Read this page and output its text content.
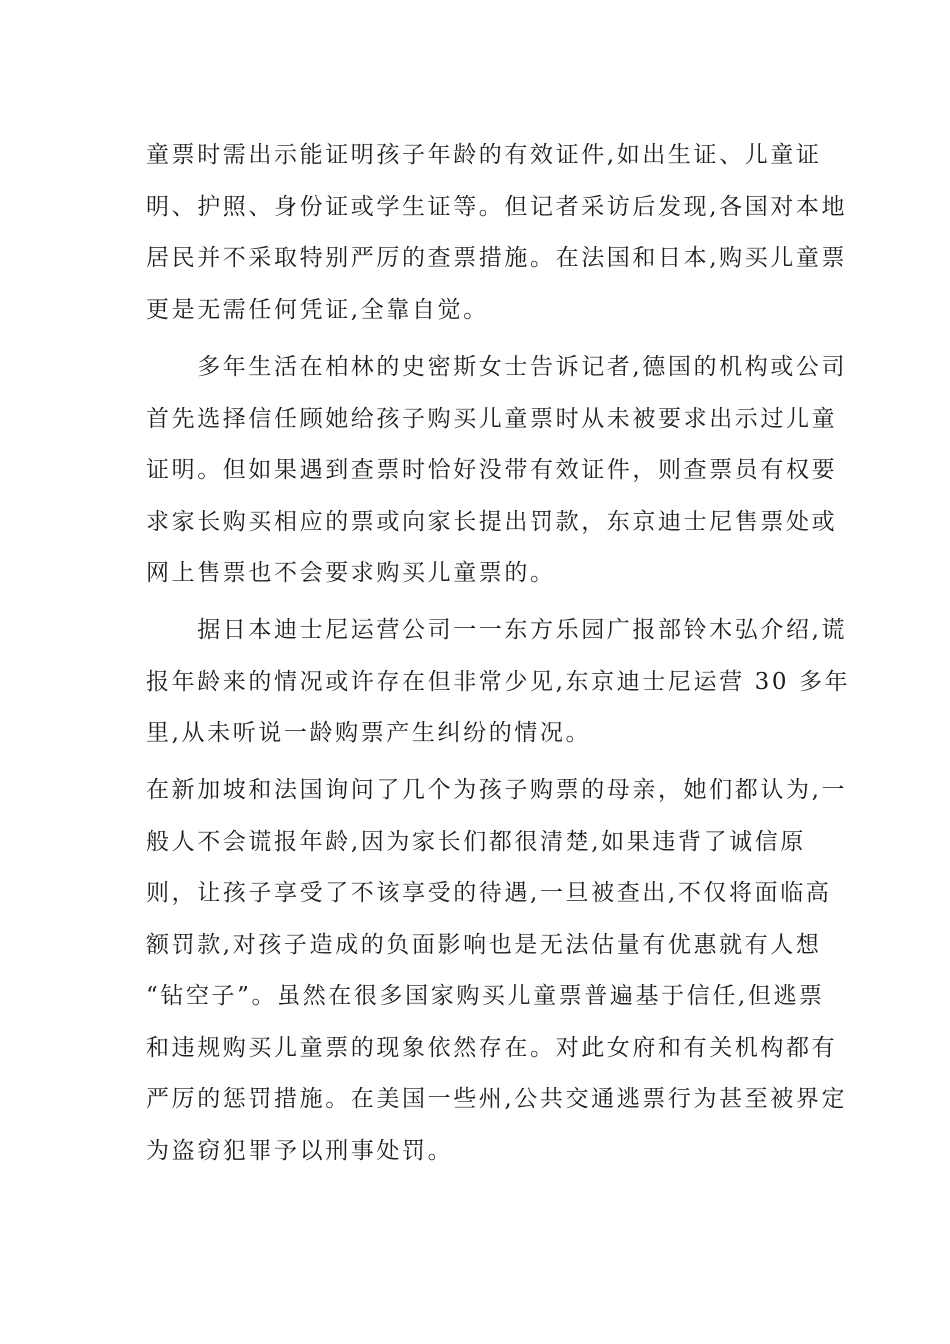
童票时需出示能证明孩子年龄的有效证件,如出生证、儿童证
明、护照、身份证或学生证等。但记者采访后发现,各国对本地
居民并不采取特别严厉的查票措施。在法国和日本,购买儿童票
更是无需任何凭证,全靠自觉。
　　多年生活在柏林的史密斯女士告诉记者,德国的机构或公司
首先选择信任顾她给孩子购买儿童票时从未被要求出示过儿童
证明。但如果遇到查票时恰好没带有效证件，则查票员有权要
求家长购买相应的票或向家长提出罚款，东京迪士尼售票处或
网上售票也不会要求购买儿童票的。
　　据日本迪士尼运营公司一一东方乐园广报部铃木弘介绍,谎
报年龄来的情况或许存在但非常少见,东京迪士尼运营 30 多年
里,从未听说一龄购票产生纠纷的情况。
在新加坡和法国询问了几个为孩子购票的母亲，她们都认为,一
般人不会谎报年龄,因为家长们都很清楚,如果违背了诚信原
则，让孩子享受了不该享受的待遇,一旦被查出,不仅将面临高
额罚款,对孩子造成的负面影响也是无法估量有优惠就有人想
“钻空子”。虽然在很多国家购买儿童票普遍基于信任,但逃票
和违规购买儿童票的现象依然存在。对此女府和有关机构都有
严厉的惩罚措施。在美国一些州,公共交通逃票行为甚至被界定
为盗窃犯罪予以刑事处罚。
